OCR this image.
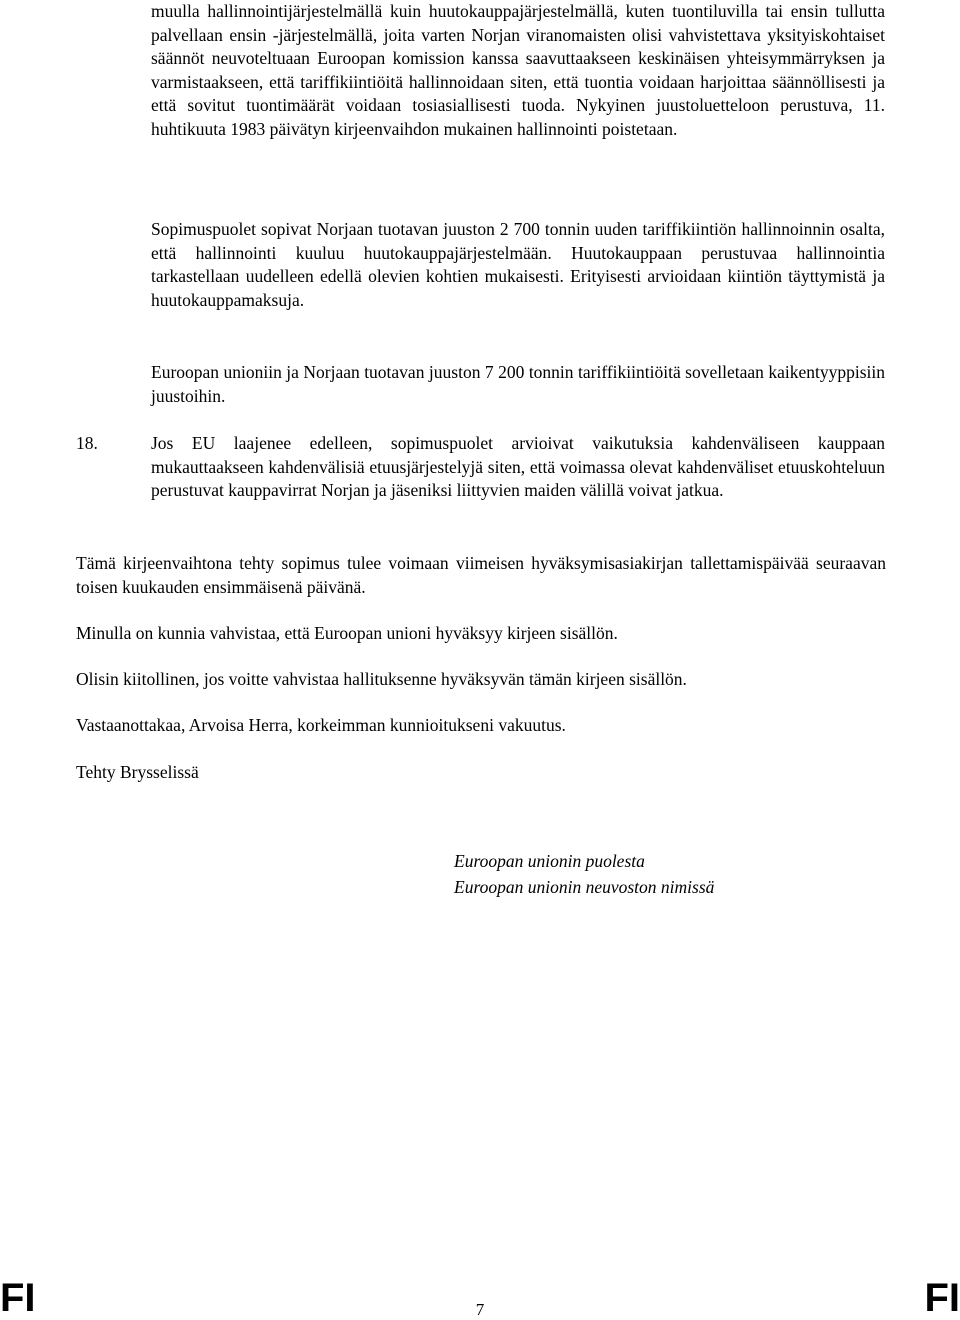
muulla hallinnointijärjestelmällä kuin huutokauppajärjestelmällä, kuten tuontiluvilla tai ensin tullutta palvellaan ensin -järjestelmällä, joita varten Norjan viranomaisten olisi vahvistettava yksityiskohtaiset säännöt neuvoteltuaan Euroopan komission kanssa saavuttaakseen keskinäisen yhteisymmärryksen ja varmistaakseen, että tariffikiintiöitä hallinnoidaan siten, että tuontia voidaan harjoittaa säännöllisesti ja että sovitut tuontimäärät voidaan tosiasiallisesti tuoda. Nykyinen juustoluetteloon perustuva, 11. huhtikuuta 1983 päivätyn kirjeenvaihdon mukainen hallinnointi poistetaan.

Sopimuspuolet sopivat Norjaan tuotavan juuston 2 700 tonnin uuden tariffikiintiön hallinnoinnin osalta, että hallinnointi kuuluu huutokauppajärjestelmään. Huutokauppaan perustuvaa hallinnointia tarkastellaan uudelleen edellä olevien kohtien mukaisesti. Erityisesti arvioidaan kiintiön täyttymistä ja huutokauppamaksuja.

Euroopan unioniin ja Norjaan tuotavan juuston 7 200 tonnin tariffikiintiöitä sovelletaan kaikentyyppisiin juustoihin.

18.	Jos EU laajenee edelleen, sopimuspuolet arvioivat vaikutuksia kahdenväliseen kauppaan mukauttaakseen kahdenvälisiä etuusjärjestelyjä siten, että voimassa olevat kahdenväliset etuuskohteluun perustuvat kauppavirrat Norjan ja jäseniksi liittyvien maiden välillä voivat jatkua.

Tämä kirjeenvaihtona tehty sopimus tulee voimaan viimeisen hyväksymisasiakirjan tallettamispäivää seuraavan toisen kuukauden ensimmäisenä päivänä.

Minulla on kunnia vahvistaa, että Euroopan unioni hyväksyy kirjeen sisällön.

Olisin kiitollinen, jos voitte vahvistaa hallituksenne hyväksyvän tämän kirjeen sisällön.

Vastaanottakaa, Arvoisa Herra, korkeimman kunnioitukseni vakuutus.

Tehty Brysselissä

Euroopan unionin puolesta

Euroopan unionin neuvoston nimissä

FI	7	FI
